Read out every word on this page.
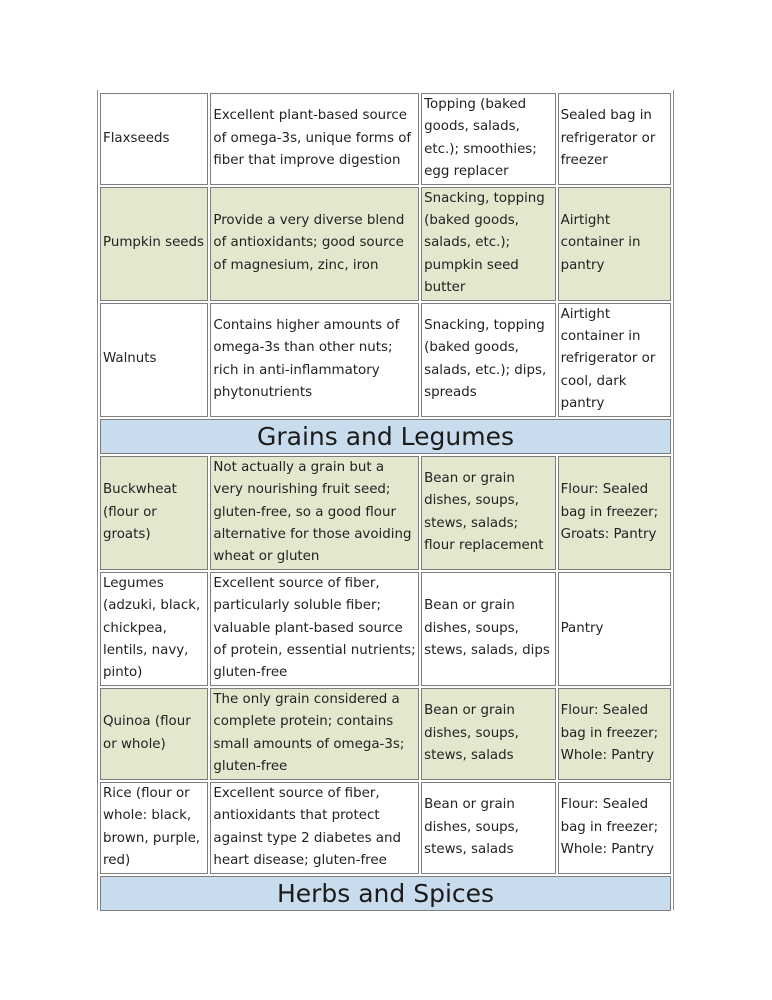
Flaxseeds	Excellent plant-based source of omega-3s, unique forms of fiber that improve digestion	Topping (baked goods, salads, etc.); smoothies; egg replacer	Sealed bag in refrigerator or freezer
Pumpkin seeds	Provide a very diverse blend of antioxidants; good source of magnesium, zinc, iron	Snacking, topping (baked goods, salads, etc.); pumpkin seed butter	Airtight container in pantry
Walnuts	Contains higher amounts of omega-3s than other nuts; rich in anti-inflammatory phytonutrients	Snacking, topping (baked goods, salads, etc.); dips, spreads	Airtight container in refrigerator or cool, dark pantry
Grains and Legumes			
Buckwheat (flour or groats)	Not actually a grain but a very nourishing fruit seed; gluten-free, so a good flour alternative for those avoiding wheat or gluten	Bean or grain dishes, soups, stews, salads; flour replacement	Flour: Sealed bag in freezer; Groats: Pantry
Legumes (adzuki, black, chickpea, lentils, navy, pinto)	Excellent source of fiber, particularly soluble fiber; valuable plant-based source of protein, essential nutrients; gluten-free	Bean or grain dishes, soups, stews, salads, dips	Pantry
Quinoa (flour or whole)	The only grain considered a complete protein; contains small amounts of omega-3s; gluten-free	Bean or grain dishes, soups, stews, salads	Flour: Sealed bag in freezer; Whole: Pantry
Rice (flour or whole: black, brown, purple, red)	Excellent source of fiber, antioxidants that protect against type 2 diabetes and heart disease; gluten-free	Bean or grain dishes, soups, stews, salads	Flour: Sealed bag in freezer; Whole: Pantry
Herbs and Spices			
